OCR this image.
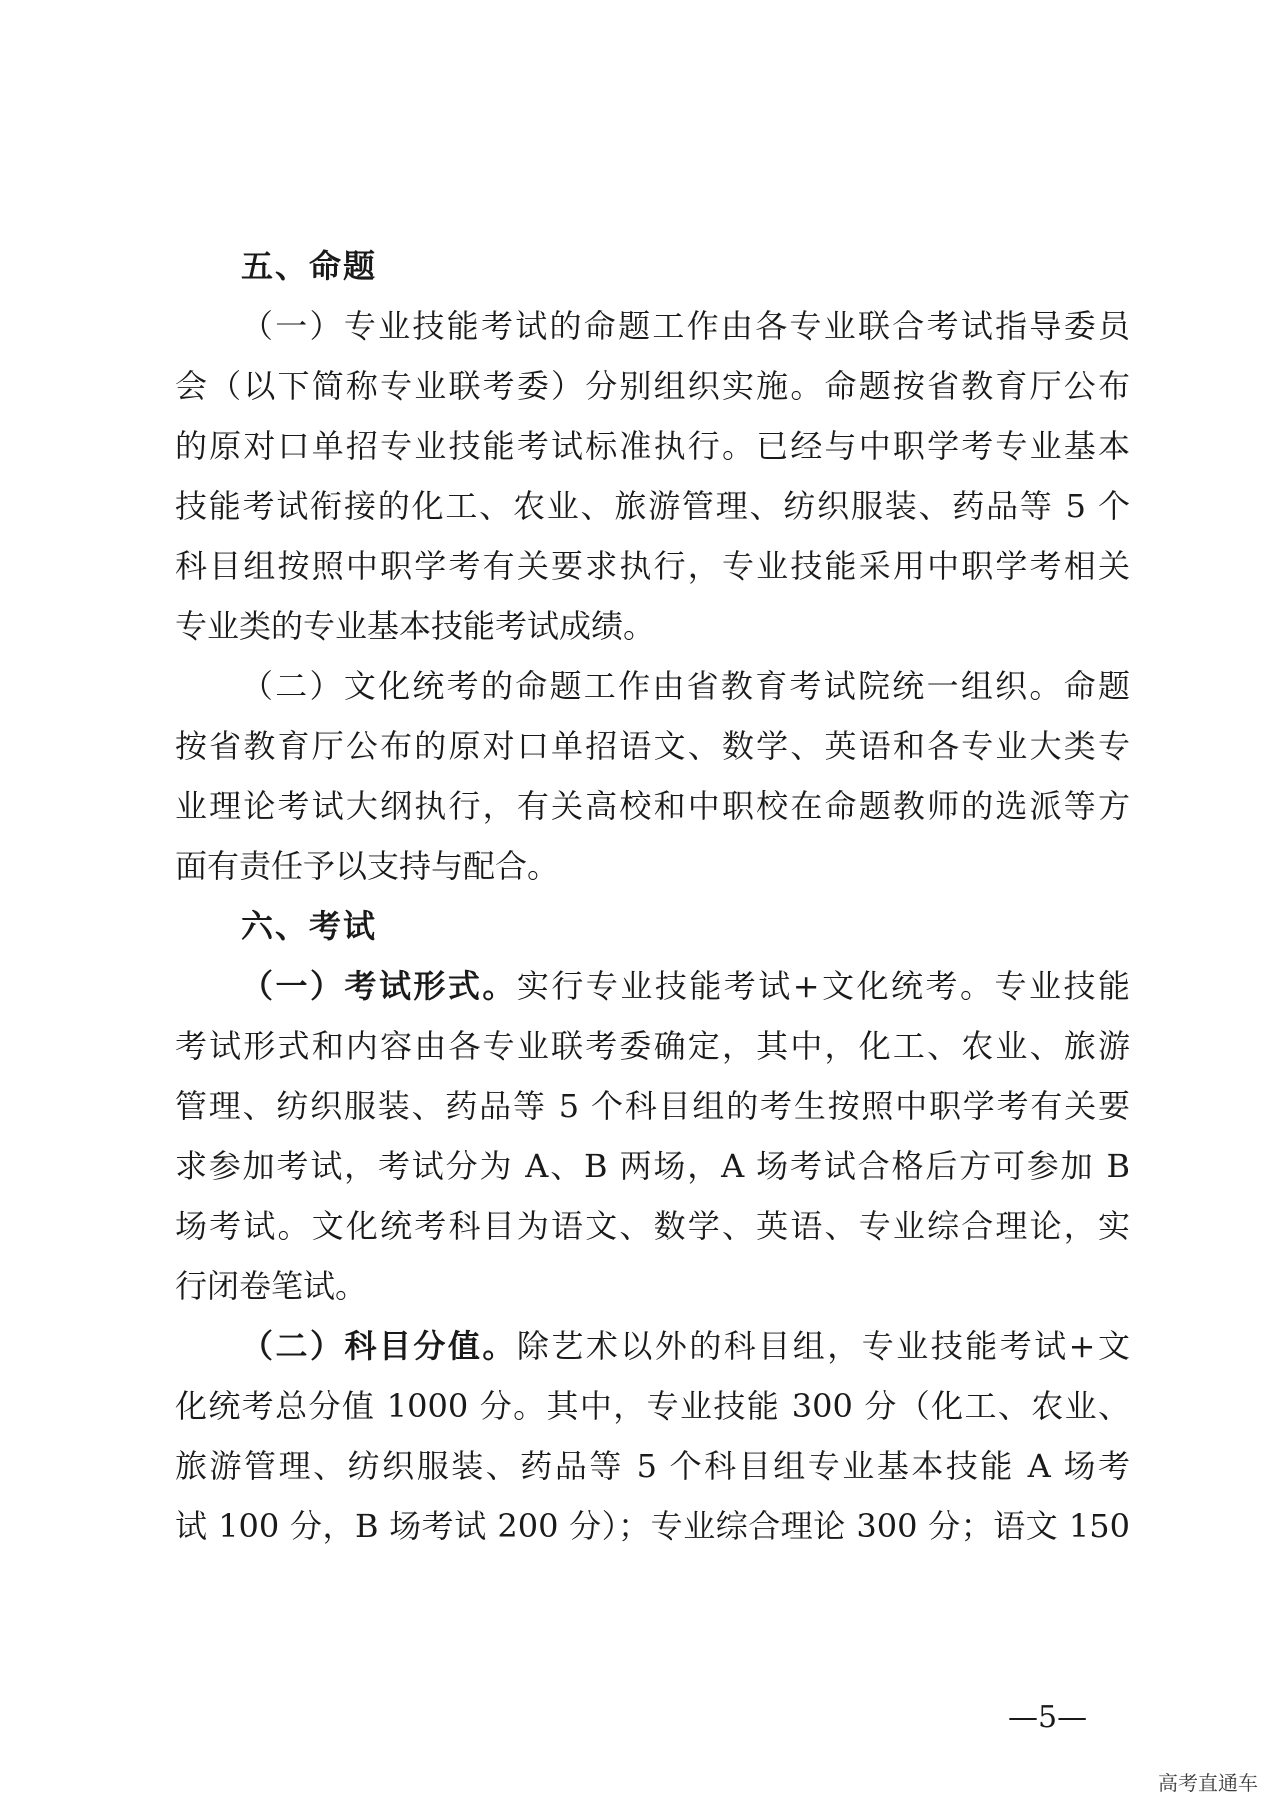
五、命题

（一）专业技能考试的命题工作由各专业联合考试指导委员
会（以下简称专业联考委）分别组织实施。命题按省教育厅公布
的原对口单招专业技能考试标准执行。已经与中职学考专业基本
技能考试衔接的化工、农业、旅游管理、纺织服装、药品等 5 个
科目组按照中职学考有关要求执行，专业技能采用中职学考相关
专业类的专业基本技能考试成绩。

（二）文化统考的命题工作由省教育考试院统一组织。命题
按省教育厅公布的原对口单招语文、数学、英语和各专业大类专
业理论考试大纲执行，有关高校和中职校在命题教师的选派等方
面有责任予以支持与配合。

六、考试

（一）考试形式。实行专业技能考试+文化统考。专业技能
考试形式和内容由各专业联考委确定，其中，化工、农业、旅游
管理、纺织服装、药品等 5 个科目组的考生按照中职学考有关要
求参加考试，考试分为 A、B 两场，A 场考试合格后方可参加 B
场考试。文化统考科目为语文、数学、英语、专业综合理论，实
行闭卷笔试。

（二）科目分值。除艺术以外的科目组，专业技能考试+文
化统考总分值 1000 分。其中，专业技能 300 分（化工、农业、
旅游管理、纺织服装、药品等 5 个科目组专业基本技能 A 场考
试 100 分，B 场考试 200 分）；专业综合理论 300 分；语文 150

—5—
高考直通车
